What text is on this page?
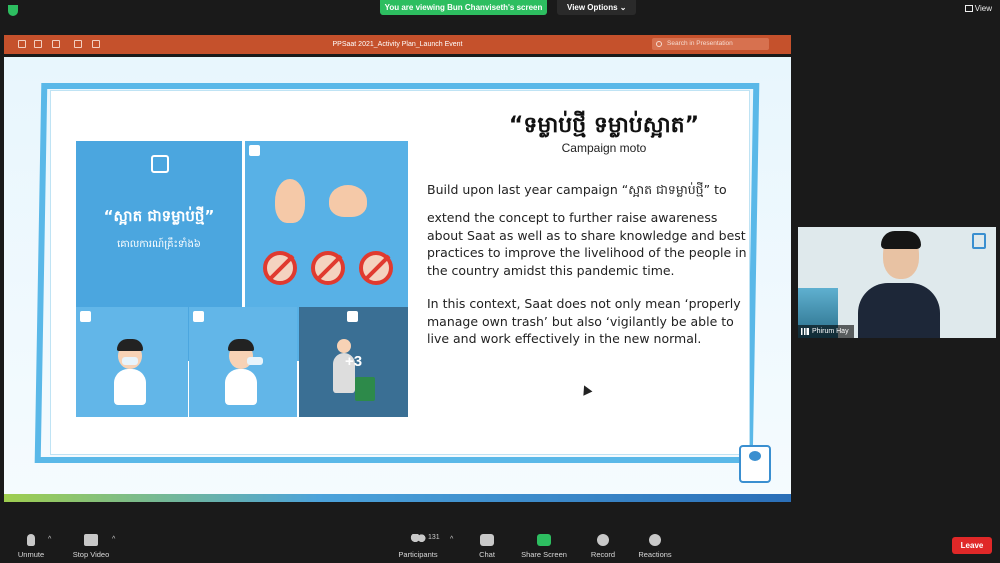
You are viewing Bun Chanviseth's screen	View Options ⌄	View
PPSaat 2021_Activity Plan_Launch Event	Search in Presentation
“ស្អាត ជាទម្លាប់ថ្មី”
គោលការណ៍គ្រឹះទាំង៦
+3
“ទម្លាប់ថ្មី ទម្លាប់ស្អាត”
Campaign moto
Build upon last year campaign “ស្អាត ជាទម្លាប់ថ្មី” to
extend the concept to further raise awareness about Saat as well as to share knowledge and best practices to improve the livelihood of the people in the country amidst this pandemic time.
In this context, Saat does not only mean ‘properly manage own trash’ but also ‘vigilantly be able to live and work effectively in the new normal.	Phirum Hay
Unmute
^
Stop Video
^
Participants
131 ^
Chat	Share Screen	Record	Reactions
Leave
